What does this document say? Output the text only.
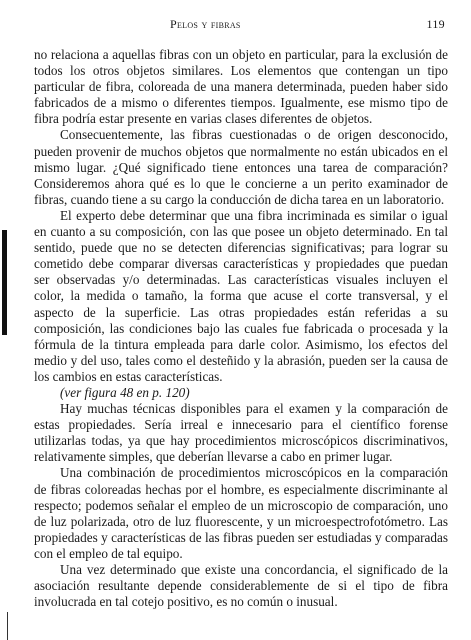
Pelos y fibras	119

no relaciona a aquellas fibras con un objeto en particular, para la exclusión de todos los otros objetos similares. Los elementos que contengan un tipo particular de fibra, coloreada de una manera determinada, pueden haber sido fabricados de a mismo o diferentes tiempos. Igualmente, ese mismo tipo de fibra podría estar presente en varias clases diferentes de objetos.

Consecuentemente, las fibras cuestionadas o de origen desconocido, pueden provenir de muchos objetos que normalmente no están ubicados en el mismo lugar. ¿Qué significado tiene entonces una tarea de comparación? Consideremos ahora qué es lo que le concierne a un perito examinador de fibras, cuando tiene a su cargo la conducción de dicha tarea en un laboratorio.

El experto debe determinar que una fibra incriminada es similar o igual en cuanto a su composición, con las que posee un objeto determinado. En tal sentido, puede que no se detecten diferencias significativas; para lograr su cometido debe comparar diversas características y propiedades que puedan ser observadas y/o determinadas. Las características visuales incluyen el color, la medida o tamaño, la forma que acuse el corte transversal, y el aspecto de la superficie. Las otras propiedades están referidas a su composición, las condiciones bajo las cuales fue fabricada o procesada y la fórmula de la tintura empleada para darle color. Asimismo, los efectos del medio y del uso, tales como el desteñido y la abrasión, pueden ser la causa de los cambios en estas características.

(ver figura 48 en p. 120)

Hay muchas técnicas disponibles para el examen y la comparación de estas propiedades. Sería irreal e innecesario para el científico forense utilizarlas todas, ya que hay procedimientos microscópicos discriminativos, relativamente simples, que deberían llevarse a cabo en primer lugar.

Una combinación de procedimientos microscópicos en la comparación de fibras coloreadas hechas por el hombre, es especialmente discriminante al respecto; podemos señalar el empleo de un microscopio de comparación, uno de luz polarizada, otro de luz fluorescente, y un microespectrofotómetro. Las propiedades y características de las fibras pueden ser estudiadas y comparadas con el empleo de tal equipo.

Una vez determinado que existe una concordancia, el significado de la asociación resultante depende considerablemente de si el tipo de fibra involucrada en tal cotejo positivo, es no común o inusual.
